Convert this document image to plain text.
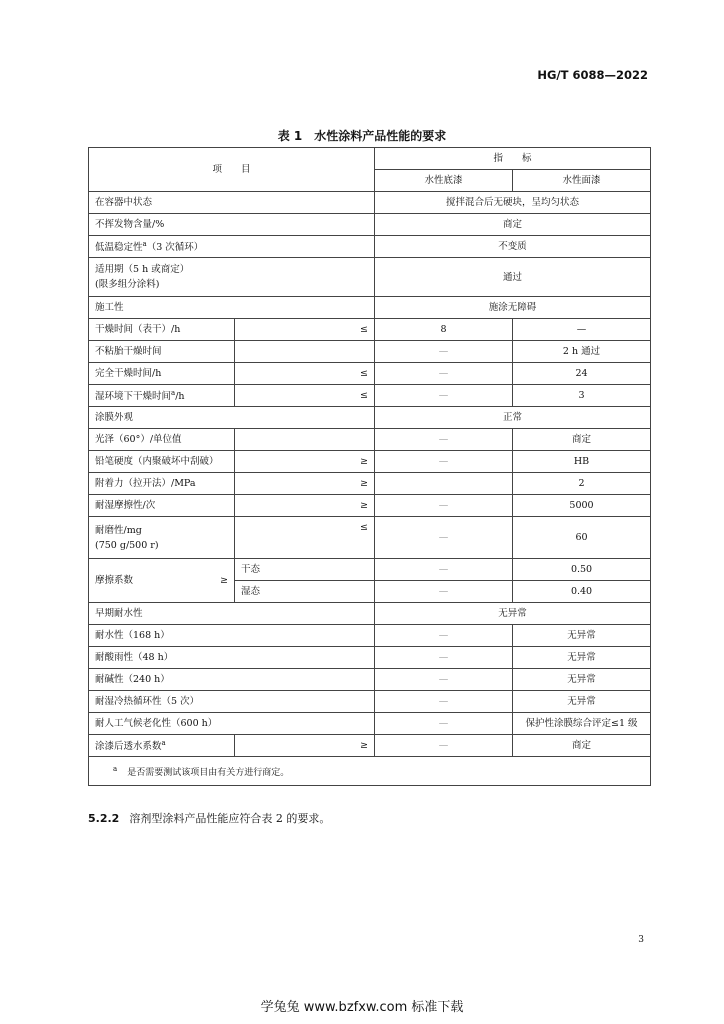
HG/T 6088—2022
表 1 水性涂料产品性能的要求
项　　目		指　　标	
		水性底漆	水性面漆
在容器中状态		搅拌混合后无硬块，呈均匀状态	
不挥发物含量/%		商定	
低温稳定性$^a$（3 次循环）		不变质	
适用期（5 h 或商定）
(限多组分涂料)		通过	
施工性		施涂无障碍	
干燥时间（表干）/h	≤	8	—
不粘胎干燥时间		—	2 h 通过
完全干燥时间/h	≤	—	24
湿环境下干燥时间$^a$/h	≤	—	3
涂膜外观		正常	
光泽（60°）/单位值		—	商定
铅笔硬度（内聚破坏中刮破）	≥	—	HB
附着力（拉开法）/MPa	≥		2
耐湿摩擦性/次	≥	—	5000
耐磨性/mg
(750 g/500 r)	≤	—	60
摩擦系数 ≥	干态	—	0.50
	湿态	—	0.40
早期耐水性		无异常	
耐水性（168 h）		—	无异常
耐酸雨性（48 h）		—	无异常
耐碱性（240 h）		—	无异常
耐湿冷热循环性（5 次）		—	无异常
耐人工气候老化性（600 h）		—	保护性涂膜综合评定≤1 级
涂漆后透水系数$^a$	≥	—	商定
$^a$ 是否需要测试该项目由有关方进行商定。			
5.2.2 溶剂型涂料产品性能应符合表 2 的要求。
3
学兔兔 www.bzfxw.com 标准下载
